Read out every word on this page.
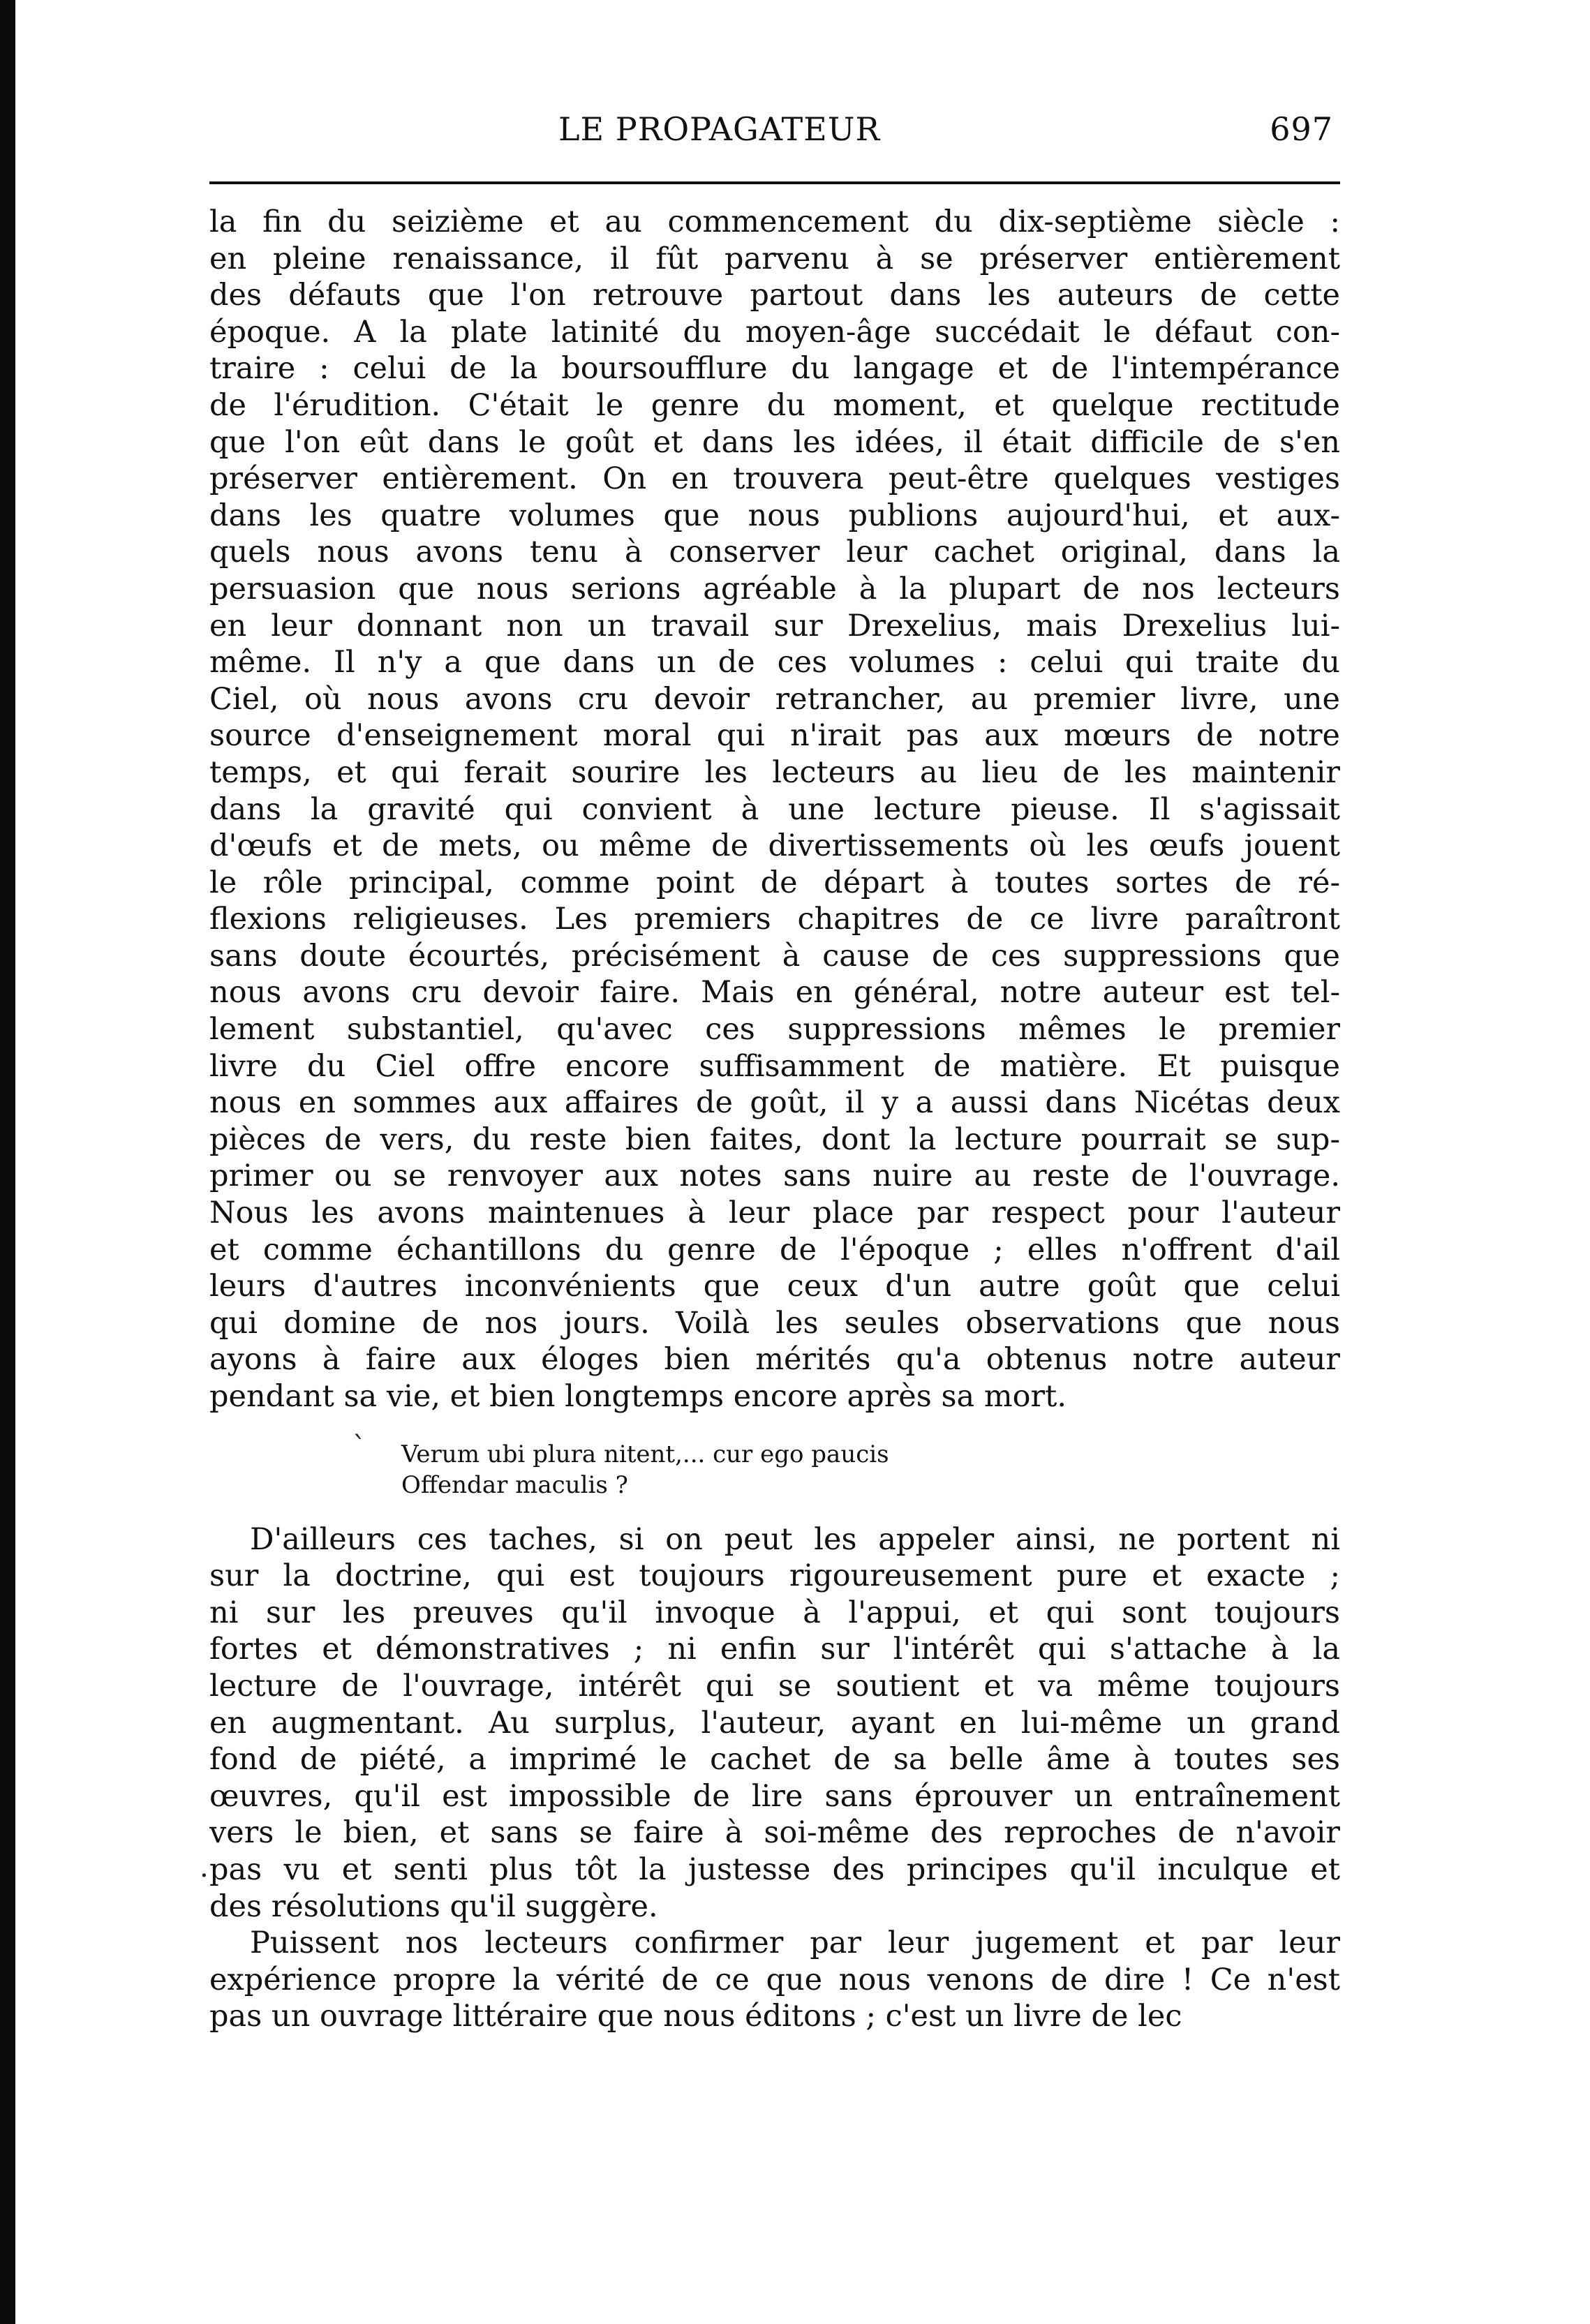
LE PROPAGATEUR	697
la fin du seizième et au commencement du dix-septième siècle :
en pleine renaissance, il fût parvenu à se préserver entièrement
des défauts que l'on retrouve partout dans les auteurs de cette
époque. A la plate latinité du moyen-âge succédait le défaut con-
traire : celui de la boursoufflure du langage et de l'intempérance
de l'érudition. C'était le genre du moment, et quelque rectitude
que l'on eût dans le goût et dans les idées, il était difficile de s'en
préserver entièrement. On en trouvera peut-être quelques vestiges
dans les quatre volumes que nous publions aujourd'hui, et aux-
quels nous avons tenu à conserver leur cachet original, dans la
persuasion que nous serions agréable à la plupart de nos lecteurs
en leur donnant non un travail sur Drexelius, mais Drexelius lui-
même. Il n'y a que dans un de ces volumes : celui qui traite du
Ciel, où nous avons cru devoir retrancher, au premier livre, une
source d'enseignement moral qui n'irait pas aux mœurs de notre
temps, et qui ferait sourire les lecteurs au lieu de les maintenir
dans la gravité qui convient à une lecture pieuse. Il s'agissait
d'œufs et de mets, ou même de divertissements où les œufs jouent
le rôle principal, comme point de départ à toutes sortes de ré-
flexions religieuses. Les premiers chapitres de ce livre paraîtront
sans doute écourtés, précisément à cause de ces suppressions que
nous avons cru devoir faire. Mais en général, notre auteur est tel-
lement substantiel, qu'avec ces suppressions mêmes le premier
livre du Ciel offre encore suffisamment de matière. Et puisque
nous en sommes aux affaires de goût, il y a aussi dans Nicétas deux
pièces de vers, du reste bien faites, dont la lecture pourrait se sup-
primer ou se renvoyer aux notes sans nuire au reste de l'ouvrage.
Nous les avons maintenues à leur place par respect pour l'auteur
et comme échantillons du genre de l'époque ; elles n'offrent d'ail
leurs d'autres inconvénients que ceux d'un autre goût que celui
qui domine de nos jours. Voilà les seules observations que nous
ayons à faire aux éloges bien mérités qu'a obtenus notre auteur
pendant sa vie, et bien longtemps encore après sa mort.
ˋ Verum ubi plura nitent,... cur ego paucis
Offendar maculis ?
D'ailleurs ces taches, si on peut les appeler ainsi, ne portent ni
sur la doctrine, qui est toujours rigoureusement pure et exacte ;
ni sur les preuves qu'il invoque à l'appui, et qui sont toujours
fortes et démonstratives ; ni enfin sur l'intérêt qui s'attache à la
lecture de l'ouvrage, intérêt qui se soutient et va même toujours
en augmentant. Au surplus, l'auteur, ayant en lui-même un grand
fond de piété, a imprimé le cachet de sa belle âme à toutes ses
œuvres, qu'il est impossible de lire sans éprouver un entraînement
vers le bien, et sans se faire à soi-même des reproches de n'avoir
pas vu et senti plus tôt la justesse des principes qu'il inculque et
des résolutions qu'il suggère.
.
Puissent nos lecteurs confirmer par leur jugement et par leur
expérience propre la vérité de ce que nous venons de dire ! Ce n'est
pas un ouvrage littéraire que nous éditons ; c'est un livre de lec
